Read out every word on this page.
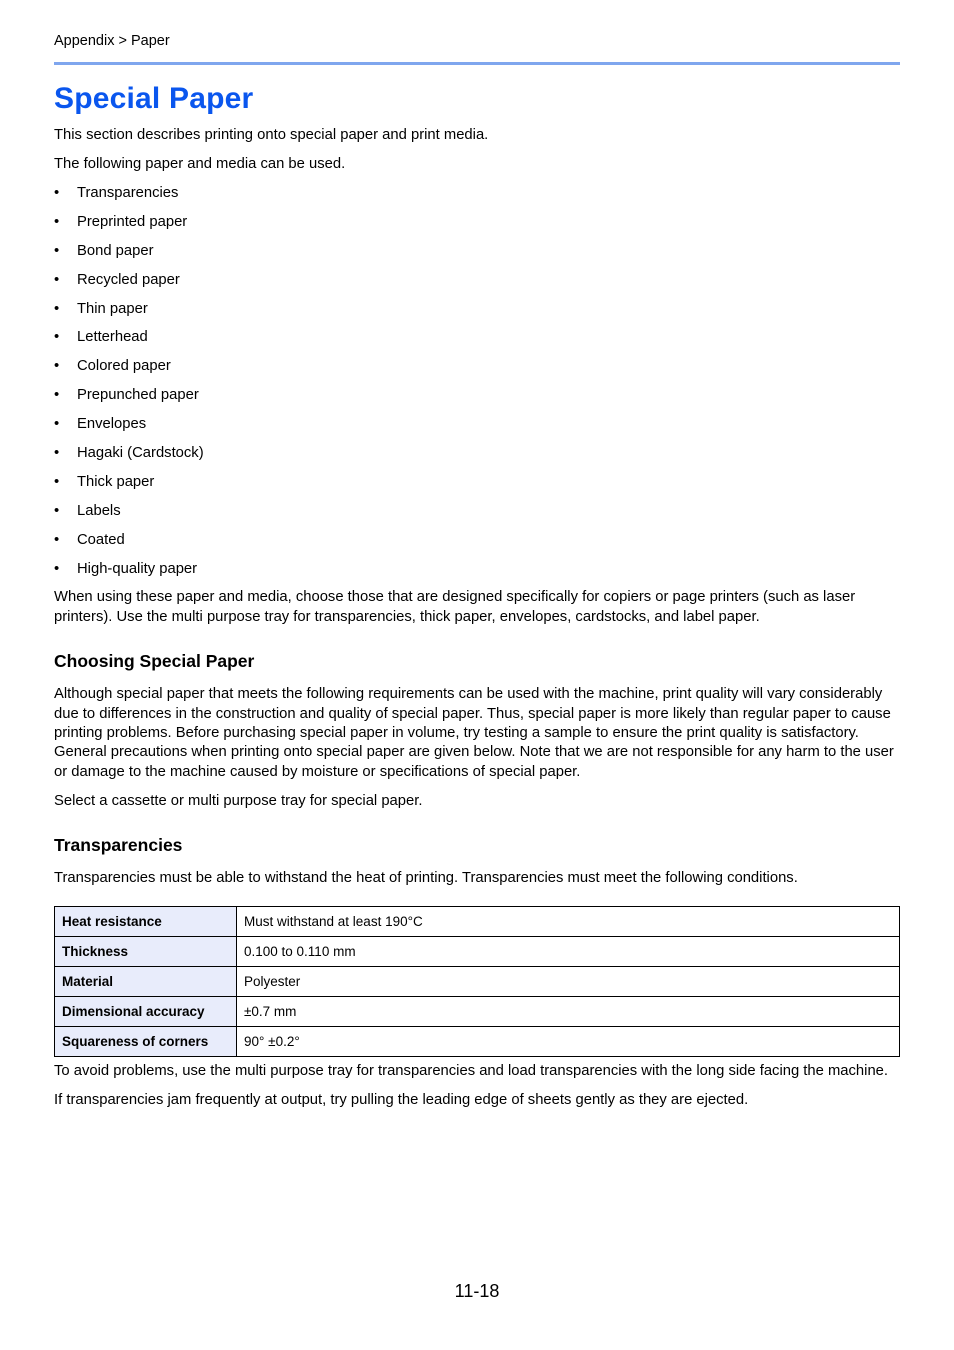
Appendix > Paper
Special Paper

This section describes printing onto special paper and print media.

The following paper and media can be used.

• Transparencies
• Preprinted paper
• Bond paper
• Recycled paper
• Thin paper
• Letterhead
• Colored paper
• Prepunched paper
• Envelopes
• Hagaki (Cardstock)
• Thick paper
• Labels
• Coated
• High-quality paper

When using these paper and media, choose those that are designed specifically for copiers or page printers (such as laser printers). Use the multi purpose tray for transparencies, thick paper, envelopes, cardstocks, and label paper.

Choosing Special Paper

Although special paper that meets the following requirements can be used with the machine, print quality will vary considerably due to differences in the construction and quality of special paper. Thus, special paper is more likely than regular paper to cause printing problems. Before purchasing special paper in volume, try testing a sample to ensure the print quality is satisfactory. General precautions when printing onto special paper are given below. Note that we are not responsible for any harm to the user or damage to the machine caused by moisture or specifications of special paper.

Select a cassette or multi purpose tray for special paper.

Transparencies

Transparencies must be able to withstand the heat of printing. Transparencies must meet the following conditions.

Heat resistance	Must withstand at least 190°C
Thickness	0.100 to 0.110 mm
Material	Polyester
Dimensional accuracy	±0.7 mm
Squareness of corners	90° ±0.2°

To avoid problems, use the multi purpose tray for transparencies and load transparencies with the long side facing the machine.

If transparencies jam frequently at output, try pulling the leading edge of sheets gently as they are ejected.

11-18
